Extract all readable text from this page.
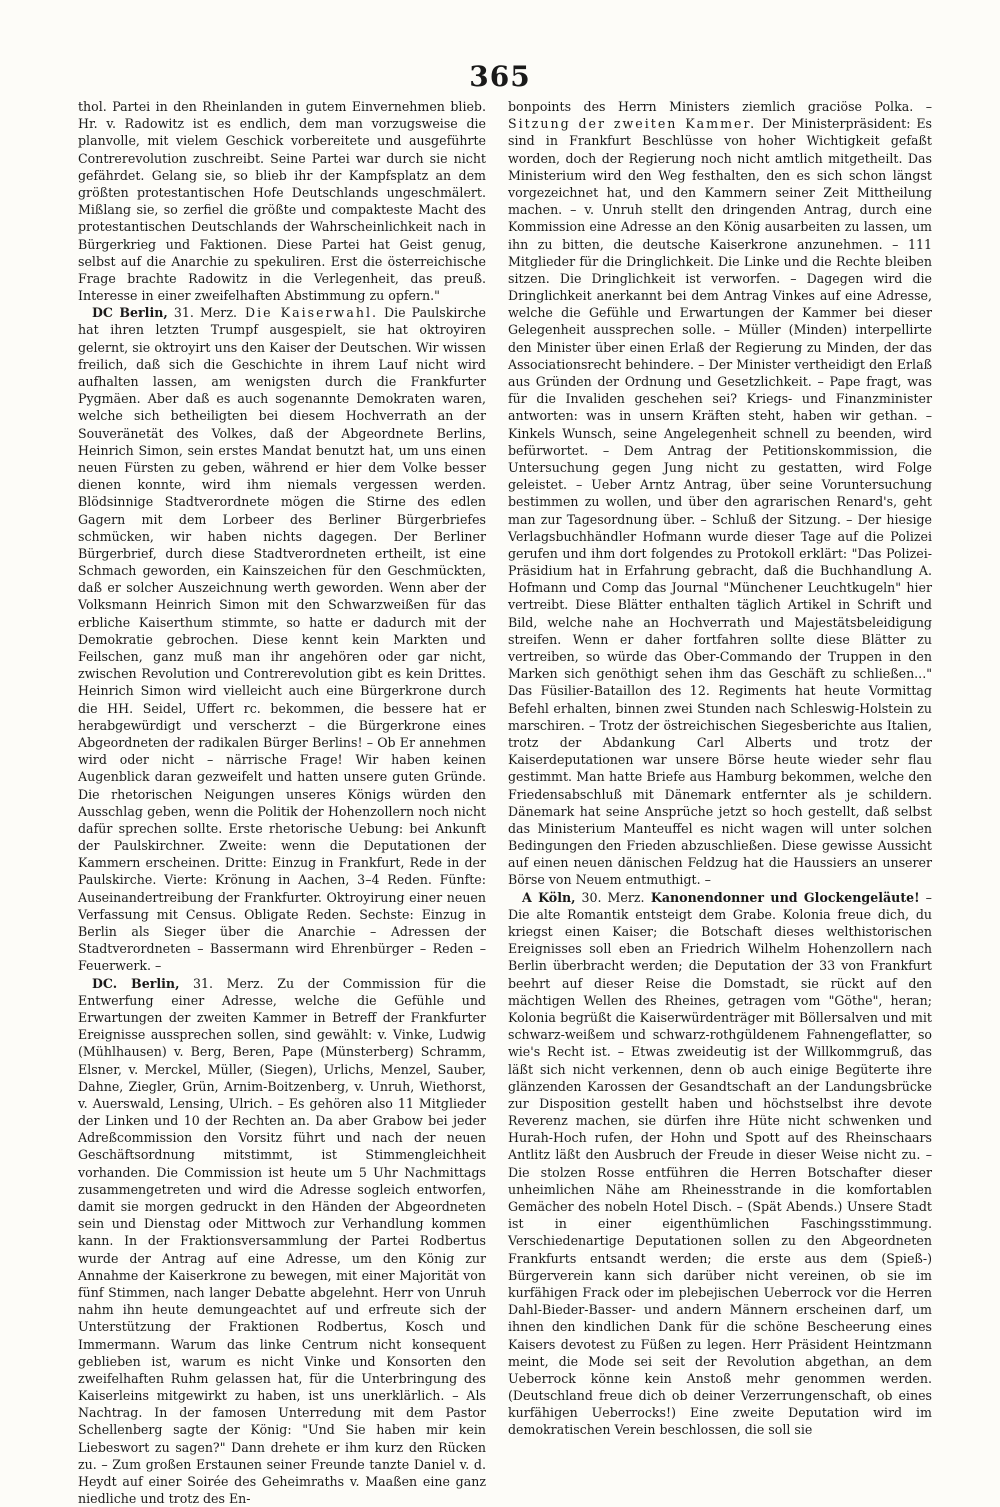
365

thol. Partei in den Rheinlanden in gutem Einvernehmen blieb. Hr. v. Radowitz ist es endlich, dem man vorzugsweise die planvolle, mit vielem Geschick vorbereitete und ausgeführte Contrerevolution zuschreibt. Seine Partei war durch sie nicht gefährdet. Gelang sie, so blieb ihr der Kampfsplatz an dem größten protestantischen Hofe Deutschlands ungeschmälert. Mißlang sie, so zerfiel die größte und compakteste Macht des protestantischen Deutschlands der Wahrscheinlichkeit nach in Bürgerkrieg und Faktionen. Diese Partei hat Geist genug, selbst auf die Anarchie zu spekuliren. Erst die österreichische Frage brachte Radowitz in die Verlegenheit, das preuß. Interesse in einer zweifelhaften Abstimmung zu opfern."

DC Berlin, 31. Merz. Die Kaiserwahl. Die Paulskirche hat ihren letzten Trumpf ausgespielt, sie hat oktroyiren gelernt, sie oktroyirt uns den Kaiser der Deutschen. Wir wissen freilich, daß sich die Geschichte in ihrem Lauf nicht wird aufhalten lassen, am wenigsten durch die Frankfurter Pygmäen. Aber daß es auch sogenannte Demokraten waren, welche sich betheiligten bei diesem Hochverrath an der Souveränetät des Volkes, daß der Abgeordnete Berlins, Heinrich Simon, sein erstes Mandat benutzt hat, um uns einen neuen Fürsten zu geben, während er hier dem Volke besser dienen konnte, wird ihm niemals vergessen werden. Blödsinnige Stadtverordnete mögen die Stirne des edlen Gagern mit dem Lorbeer des Berliner Bürgerbriefes schmücken, wir haben nichts dagegen. Der Berliner Bürgerbrief, durch diese Stadtverordneten ertheilt, ist eine Schmach geworden, ein Kainszeichen für den Geschmückten, daß er solcher Auszeichnung werth geworden. Wenn aber der Volksmann Heinrich Simon mit den Schwarzweißen für das erbliche Kaiserthum stimmte, so hatte er dadurch mit der Demokratie gebrochen. Diese kennt kein Markten und Feilschen, ganz muß man ihr angehören oder gar nicht, zwischen Revolution und Contrerevolution gibt es kein Drittes. Heinrich Simon wird vielleicht auch eine Bürgerkrone durch die HH. Seidel, Uffert rc. bekommen, die bessere hat er herabgewürdigt und verscherzt – die Bürgerkrone eines Abgeordneten der radikalen Bürger Berlins! – Ob Er annehmen wird oder nicht – närrische Frage! Wir haben keinen Augenblick daran gezweifelt und hatten unsere guten Gründe. Die rhetorischen Neigungen unseres Königs würden den Ausschlag geben, wenn die Politik der Hohenzollern noch nicht dafür sprechen sollte. Erste rhetorische Uebung: bei Ankunft der Paulskirchner. Zweite: wenn die Deputationen der Kammern erscheinen. Dritte: Einzug in Frankfurt, Rede in der Paulskirche. Vierte: Krönung in Aachen, 3–4 Reden. Fünfte: Auseinandertreibung der Frankfurter. Oktroyirung einer neuen Verfassung mit Census. Obligate Reden. Sechste: Einzug in Berlin als Sieger über die Anarchie – Adressen der Stadtverordneten – Bassermann wird Ehrenbürger – Reden – Feuerwerk. –

DC. Berlin, 31. Merz. Zu der Commission für die Entwerfung einer Adresse, welche die Gefühle und Erwartungen der zweiten Kammer in Betreff der Frankfurter Ereignisse aussprechen sollen, sind gewählt: v. Vinke, Ludwig (Mühlhausen) v. Berg, Beren, Pape (Münsterberg) Schramm, Elsner, v. Merckel, Müller, (Siegen), Urlichs, Menzel, Sauber, Dahne, Ziegler, Grün, Arnim-Boitzenberg, v. Unruh, Wiethorst, v. Auerswald, Lensing, Ulrich. – Es gehören also 11 Mitglieder der Linken und 10 der Rechten an. Da aber Grabow bei jeder Adreßcommission den Vorsitz führt und nach der neuen Geschäftsordnung mitstimmt, ist Stimmengleichheit vorhanden. Die Commission ist heute um 5 Uhr Nachmittags zusammengetreten und wird die Adresse sogleich entworfen, damit sie morgen gedruckt in den Händen der Abgeordneten sein und Dienstag oder Mittwoch zur Verhandlung kommen kann. In der Fraktionsversammlung der Partei Rodbertus wurde der Antrag auf eine Adresse, um den König zur Annahme der Kaiserkrone zu bewegen, mit einer Majorität von fünf Stimmen, nach langer Debatte abgelehnt. Herr von Unruh nahm ihn heute demungeachtet auf und erfreute sich der Unterstützung der Fraktionen Rodbertus, Kosch und Immermann. Warum das linke Centrum nicht konsequent geblieben ist, warum es nicht Vinke und Konsorten den zweifelhaften Ruhm gelassen hat, für die Unterbringung des Kaiserleins mitgewirkt zu haben, ist uns unerklärlich. – Als Nachtrag. In der famosen Unterredung mit dem Pastor Schellenberg sagte der König: "Und Sie haben mir kein Liebeswort zu sagen?" Dann drehete er ihm kurz den Rücken zu. – Zum großen Erstaunen seiner Freunde tanzte Daniel v. d. Heydt auf einer Soirée des Geheimraths v. Maaßen eine ganz niedliche und trotz des En-

bonpoints des Herrn Ministers ziemlich graciöse Polka. – Sitzung der zweiten Kammer. Der Ministerpräsident: Es sind in Frankfurt Beschlüsse von hoher Wichtigkeit gefaßt worden, doch der Regierung noch nicht amtlich mitgetheilt. Das Ministerium wird den Weg festhalten, den es sich schon längst vorgezeichnet hat, und den Kammern seiner Zeit Mittheilung machen. – v. Unruh stellt den dringenden Antrag, durch eine Kommission eine Adresse an den König ausarbeiten zu lassen, um ihn zu bitten, die deutsche Kaiserkrone anzunehmen. – 111 Mitglieder für die Dringlichkeit. Die Linke und die Rechte bleiben sitzen. Die Dringlichkeit ist verworfen. – Dagegen wird die Dringlichkeit anerkannt bei dem Antrag Vinkes auf eine Adresse, welche die Gefühle und Erwartungen der Kammer bei dieser Gelegenheit aussprechen solle. – Müller (Minden) interpellirte den Minister über einen Erlaß der Regierung zu Minden, der das Associationsrecht behindere. – Der Minister vertheidigt den Erlaß aus Gründen der Ordnung und Gesetzlichkeit. – Pape fragt, was für die Invaliden geschehen sei? Kriegs- und Finanzminister antworten: was in unsern Kräften steht, haben wir gethan. – Kinkels Wunsch, seine Angelegenheit schnell zu beenden, wird befürwortet. – Dem Antrag der Petitionskommission, die Untersuchung gegen Jung nicht zu gestatten, wird Folge geleistet. – Ueber Arntz Antrag, über seine Voruntersuchung bestimmen zu wollen, und über den agrarischen Renard's, geht man zur Tagesordnung über. – Schluß der Sitzung. – Der hiesige Verlagsbuchhändler Hofmann wurde dieser Tage auf die Polizei gerufen und ihm dort folgendes zu Protokoll erklärt: "Das Polizei-Präsidium hat in Erfahrung gebracht, daß die Buchhandlung A. Hofmann und Comp das Journal "Münchener Leuchtkugeln" hier vertreibt. Diese Blätter enthalten täglich Artikel in Schrift und Bild, welche nahe an Hochverrath und Majestätsbeleidigung streifen. Wenn er daher fortfahren sollte diese Blätter zu vertreiben, so würde das Ober-Commando der Truppen in den Marken sich genöthigt sehen ihm das Geschäft zu schließen..." Das Füsilier-Bataillon des 12. Regiments hat heute Vormittag Befehl erhalten, binnen zwei Stunden nach Schleswig-Holstein zu marschiren. – Trotz der östreichischen Siegesberichte aus Italien, trotz der Abdankung Carl Alberts und trotz der Kaiserdeputationen war unsere Börse heute wieder sehr flau gestimmt. Man hatte Briefe aus Hamburg bekommen, welche den Friedensabschluß mit Dänemark entfernter als je schildern. Dänemark hat seine Ansprüche jetzt so hoch gestellt, daß selbst das Ministerium Manteuffel es nicht wagen will unter solchen Bedingungen den Frieden abzuschließen. Diese gewisse Aussicht auf einen neuen dänischen Feldzug hat die Haussiers an unserer Börse von Neuem entmuthigt. –

A Köln, 30. Merz. Kanonendonner und Glockengeläute! – Die alte Romantik entsteigt dem Grabe. Kolonia freue dich, du kriegst einen Kaiser; die Botschaft dieses welthistorischen Ereignisses soll eben an Friedrich Wilhelm Hohenzollern nach Berlin überbracht werden; die Deputation der 33 von Frankfurt beehrt auf dieser Reise die Domstadt, sie rückt auf den mächtigen Wellen des Rheines, getragen vom "Göthe", heran; Kolonia begrüßt die Kaiserwürdenträger mit Böllersalven und mit schwarz-weißem und schwarz-rothgüldenem Fahnengeflatter, so wie's Recht ist. – Etwas zweideutig ist der Willkommgruß, das läßt sich nicht verkennen, denn ob auch einige Begüterte ihre glänzenden Karossen der Gesandtschaft an der Landungsbrücke zur Disposition gestellt haben und höchstselbst ihre devote Reverenz machen, sie dürfen ihre Hüte nicht schwenken und Hurah-Hoch rufen, der Hohn und Spott auf des Rheinschaars Antlitz läßt den Ausbruch der Freude in dieser Weise nicht zu. – Die stolzen Rosse entführen die Herren Botschafter dieser unheimlichen Nähe am Rheinesstrande in die komfortablen Gemächer des nobeln Hotel Disch. – (Spät Abends.) Unsere Stadt ist in einer eigenthümlichen Faschingsstimmung. Verschiedenartige Deputationen sollen zu den Abgeordneten Frankfurts entsandt werden; die erste aus dem (Spieß-) Bürgerverein kann sich darüber nicht vereinen, ob sie im kurfähigen Frack oder im plebejischen Ueberrock vor die Herren Dahl-Bieder-Basser- und andern Männern erscheinen darf, um ihnen den kindlichen Dank für die schöne Bescheerung eines Kaisers devotest zu Füßen zu legen. Herr Präsident Heintzmann meint, die Mode sei seit der Revolution abgethan, an dem Ueberrock könne kein Anstoß mehr genommen werden. (Deutschland freue dich ob deiner Verzerrungenschaft, ob eines kurfähigen Ueberrocks!) Eine zweite Deputation wird im demokratischen Verein beschlossen, die soll sie
